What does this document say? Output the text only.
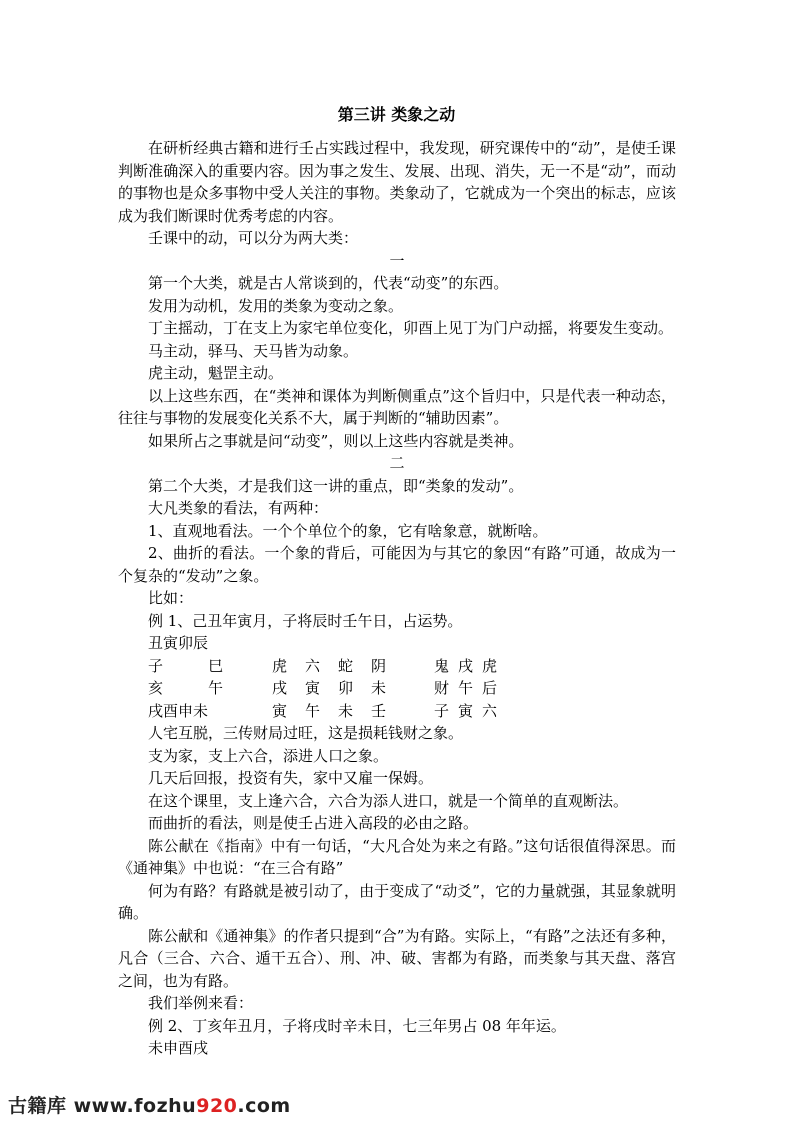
第三讲 类象之动

在研析经典古籍和进行壬占实践过程中，我发现，研究课传中的“动”，是使壬课判断准确深入的重要内容。因为事之发生、发展、出现、消失，无一不是“动”，而动的事物也是众多事物中受人关注的事物。类象动了，它就成为一个突出的标志，应该成为我们断课时优秀考虑的内容。

壬课中的动，可以分为两大类：

一

第一个大类，就是古人常谈到的，代表“动变”的东西。

发用为动机，发用的类象为变动之象。

丁主摇动，丁在支上为家宅单位变化，卯酉上见丁为门户动摇，将要发生变动。

马主动，驿马、天马皆为动象。

虎主动，魁罡主动。

以上这些东西，在“类神和课体为判断侧重点”这个旨归中，只是代表一种动态，往往与事物的发展变化关系不大，属于判断的“辅助因素”。

如果所占之事就是问“动变”，则以上这些内容就是类神。

二

第二个大类，才是我们这一讲的重点，即“类象的发动”。

大凡类象的看法，有两种：

1、直观地看法。一个个单位个的象，它有啥象意，就断啥。

2、曲折的看法。一个象的背后，可能因为与其它的象因“有路”可通，故成为一个复杂的“发动”之象。

比如：

例 1、己丑年寅月，子将辰时壬午日，占运势。

丑寅卯辰

子	巳	虎	六	蛇	阴	鬼 戌 虎
亥	午	戌	寅	卯	未	财 午 后
戌酉申未	寅	午	未	壬	子 寅 六

人宅互脱，三传财局过旺，这是损耗钱财之象。

支为家，支上六合，添进人口之象。

几天后回报，投资有失，家中又雇一保姆。

在这个课里，支上逢六合，六合为添人进口，就是一个简单的直观断法。

而曲折的看法，则是使壬占进入高段的必由之路。

陈公献在《指南》中有一句话，“大凡合处为来之有路。”这句话很值得深思。而《通神集》中也说：“在三合有路”

何为有路？有路就是被引动了，由于变成了“动爻”，它的力量就强，其显象就明确。

陈公献和《通神集》的作者只提到“合”为有路。实际上，“有路”之法还有多种，凡合（三合、六合、遁干五合）、刑、冲、破、害都为有路，而类象与其天盘、落宫之间，也为有路。

我们举例来看：

例 2、丁亥年丑月，子将戌时辛未日，七三年男占 08 年年运。

未申酉戌

古籍库 www.fozhu920.com
